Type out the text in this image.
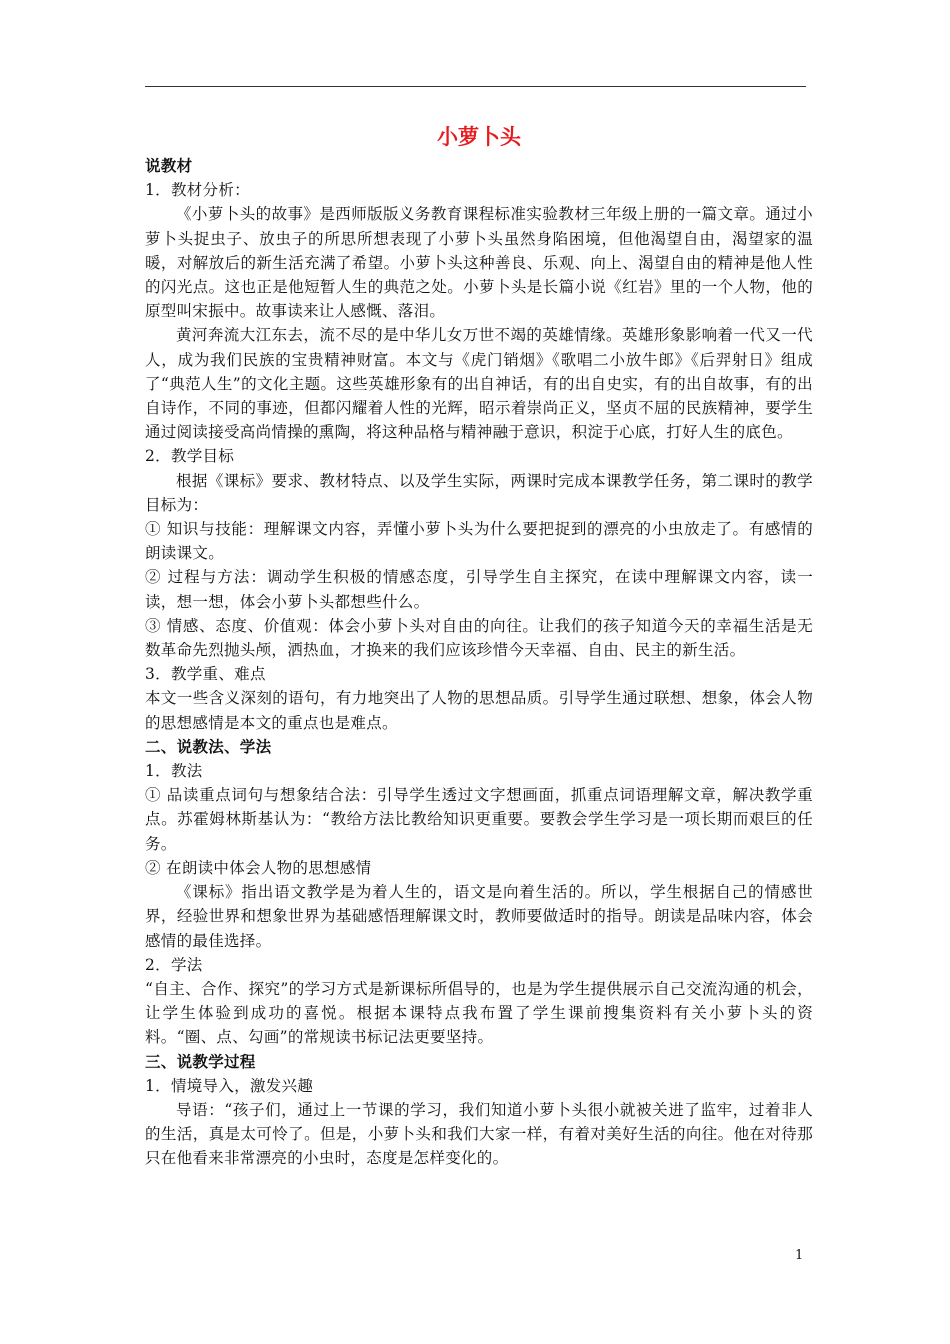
小萝卜头

说教材

1．教材分析：

《小萝卜头的故事》是西师版版义务教育课程标准实验教材三年级上册的一篇文章。通过小萝卜头捉虫子、放虫子的所思所想表现了小萝卜头虽然身陷困境，但他渴望自由，渴望家的温暖，对解放后的新生活充满了希望。小萝卜头这种善良、乐观、向上、渴望自由的精神是他人性的闪光点。这也正是他短暂人生的典范之处。小萝卜头是长篇小说《红岩》里的一个人物，他的原型叫宋振中。故事读来让人感慨、落泪。

黄河奔流大江东去，流不尽的是中华儿女万世不竭的英雄情缘。英雄形象影响着一代又一代人，成为我们民族的宝贵精神财富。本文与《虎门销烟》《歌唱二小放牛郎》《后羿射日》组成了“典范人生”的文化主题。这些英雄形象有的出自神话，有的出自史实，有的出自故事，有的出自诗作，不同的事迹，但都闪耀着人性的光辉，昭示着崇尚正义，坚贞不屈的民族精神，要学生通过阅读接受高尚情操的熏陶，将这种品格与精神融于意识，积淀于心底，打好人生的底色。

2．教学目标

根据《课标》要求、教材特点、以及学生实际，两课时完成本课教学任务，第二课时的教学目标为：

① 知识与技能：理解课文内容，弄懂小萝卜头为什么要把捉到的漂亮的小虫放走了。有感情的朗读课文。

② 过程与方法：调动学生积极的情感态度，引导学生自主探究，在读中理解课文内容，读一读，想一想，体会小萝卜头都想些什么。

③ 情感、态度、价值观：体会小萝卜头对自由的向往。让我们的孩子知道今天的幸福生活是无数革命先烈抛头颅，洒热血，才换来的我们应该珍惜今天幸福、自由、民主的新生活。

3．教学重、难点

本文一些含义深刻的语句，有力地突出了人物的思想品质。引导学生通过联想、想象，体会人物的思想感情是本文的重点也是难点。

二、说教法、学法

1．教法

① 品读重点词句与想象结合法：引导学生透过文字想画面，抓重点词语理解文章，解决教学重点。苏霍姆林斯基认为：“教给方法比教给知识更重要。要教会学生学习是一项长期而艰巨的任务。

② 在朗读中体会人物的思想感情

《课标》指出语文教学是为着人生的，语文是向着生活的。所以，学生根据自己的情感世界，经验世界和想象世界为基础感悟理解课文时，教师要做适时的指导。朗读是品味内容，体会感情的最佳选择。

2．学法

“自主、合作、探究”的学习方式是新课标所倡导的，也是为学生提供展示自己交流沟通的机会，让学生体验到成功的喜悦。根据本课特点我布置了学生课前搜集资料有关小萝卜头的资料。“圈、点、勾画”的常规读书标记法更要坚持。

三、说教学过程

1．情境导入，激发兴趣

导语：“孩子们，通过上一节课的学习，我们知道小萝卜头很小就被关进了监牢，过着非人的生活，真是太可怜了。但是，小萝卜头和我们大家一样，有着对美好生活的向往。他在对待那只在他看来非常漂亮的小虫时，态度是怎样变化的。

1
